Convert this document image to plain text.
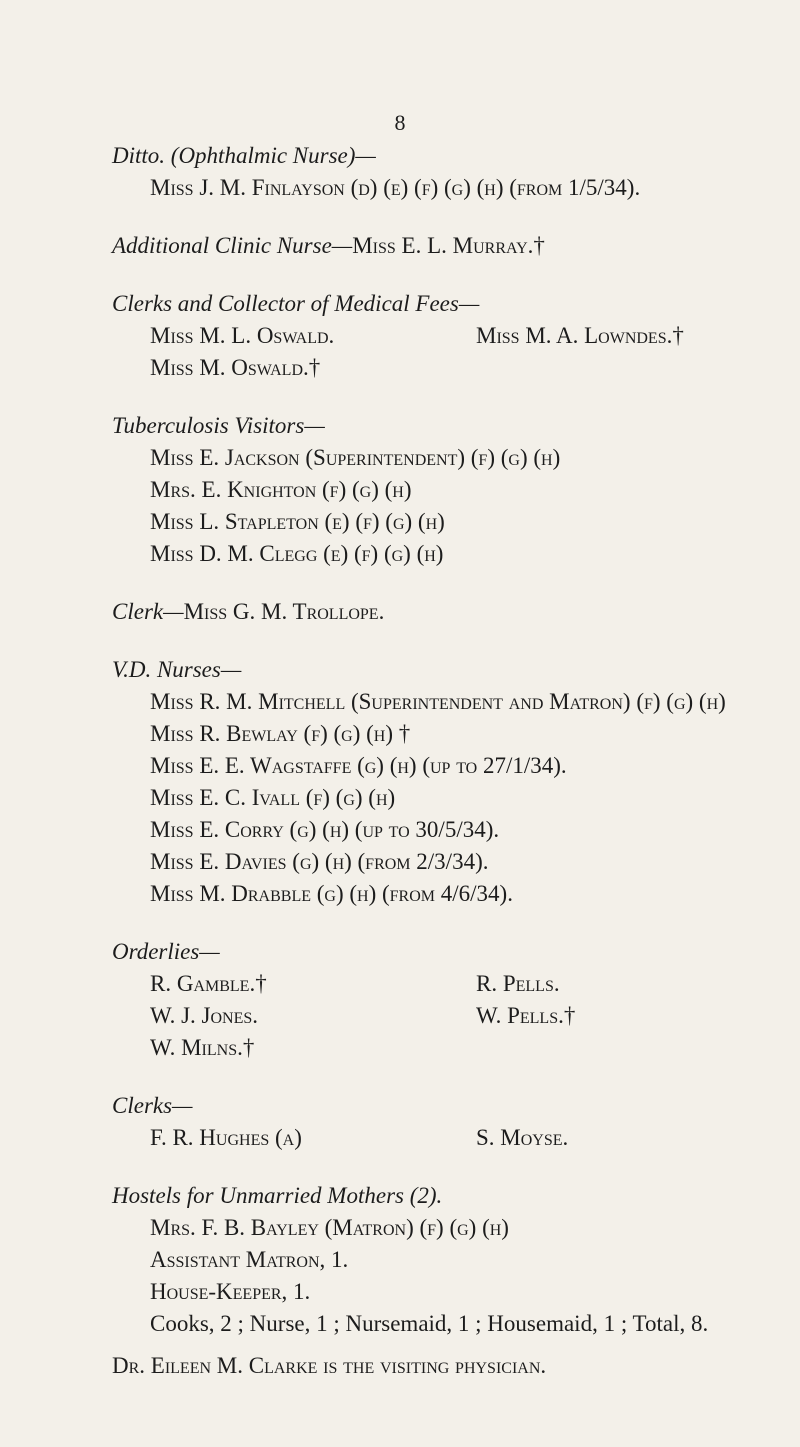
8
Ditto. (Ophthalmic Nurse)—
Miss J. M. Finlayson (d) (e) (f) (g) (h) (from 1/5/34).
Additional Clinic Nurse—Miss E. L. Murray.†
Clerks and Collector of Medical Fees—
Miss M. L. Oswald.	Miss M. A. Lowndes.†
Miss M. Oswald.†
Tuberculosis Visitors—
Miss E. Jackson (Superintendent) (f) (g) (h)
Mrs. E. Knighton (f) (g) (h)
Miss L. Stapleton (e) (f) (g) (h)
Miss D. M. Clegg (e) (f) (g) (h)
Clerk—Miss G. M. Trollope.
V.D. Nurses—
Miss R. M. Mitchell (Superintendent and Matron) (f) (g) (h)
Miss R. Bewlay (f) (g) (h) †
Miss E. E. Wagstaffe (g) (h) (up to 27/1/34).
Miss E. C. Ivall (f) (g) (h)
Miss E. Corry (g) (h) (up to 30/5/34).
Miss E. Davies (g) (h) (from 2/3/34).
Miss M. Drabble (g) (h) (from 4/6/34).
Orderlies—
R. Gamble.†	R. Pells.
W. J. Jones.	W. Pells.†
W. Milns.†
Clerks—
F. R. Hughes (a)	S. Moyse.
Hostels for Unmarried Mothers (2).
Mrs. F. B. Bayley (Matron) (f) (g) (h)
Assistant Matron, 1.
House-Keeper, 1.
Cooks, 2 ; Nurse, 1 ; Nursemaid, 1 ; Housemaid, 1 ; Total, 8.
Dr. Eileen M. Clarke is the visiting physician.
